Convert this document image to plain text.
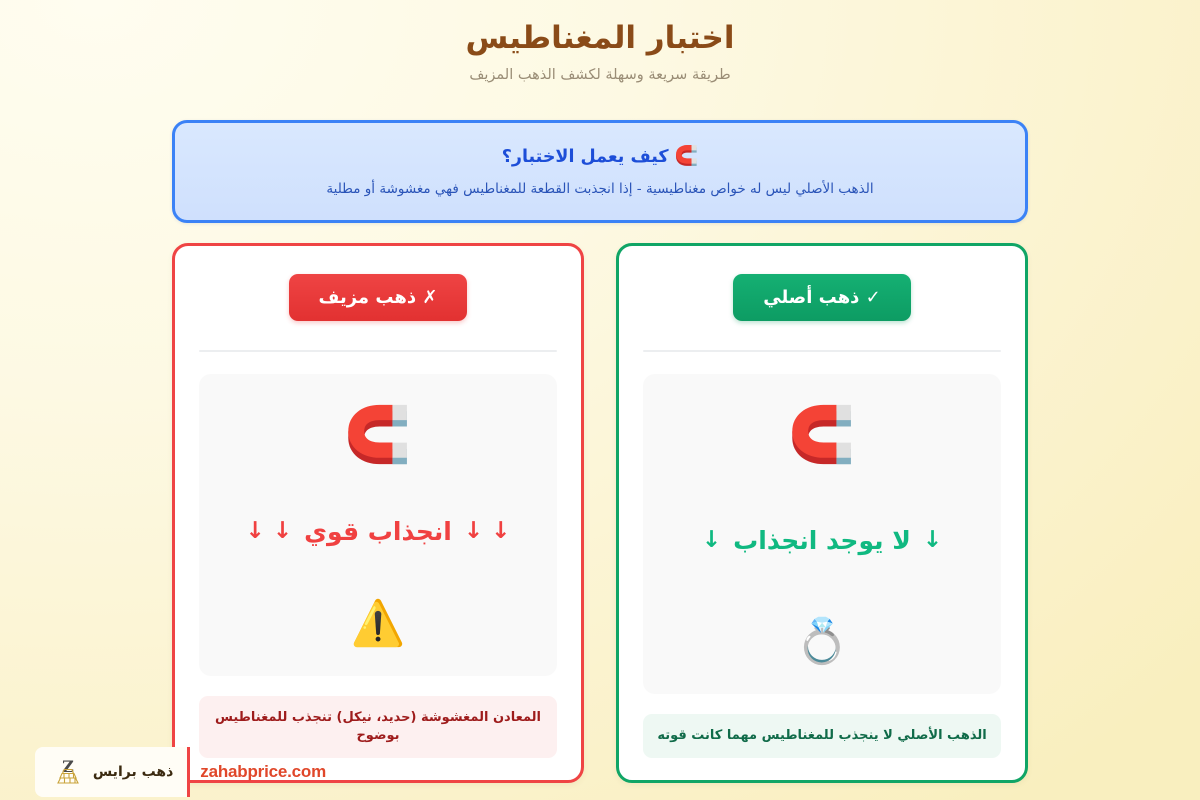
اختبار المغناطيس
طريقة سريعة وسهلة لكشف الذهب المزيف
🧲
كيف يعمل الاختبار؟
الذهب الأصلي ليس له خواص مغناطيسية - إذا انجذبت القطعة للمغناطيس فهي مغشوشة أو مطلية
✗ ذهب مزيف
🧲
↓ ↓
انجذاب قوي
↓ ↓
⚠️
المعادن المغشوشة (حديد، نيكل) تنجذب للمغناطيس بوضوح
✓ ذهب أصلي
🧲
↓
لا يوجد انجذاب
↓
💍
الذهب الأصلي لا ينجذب للمغناطيس مهما كانت قوته
zahabprice.com
Z ذهب برايس
